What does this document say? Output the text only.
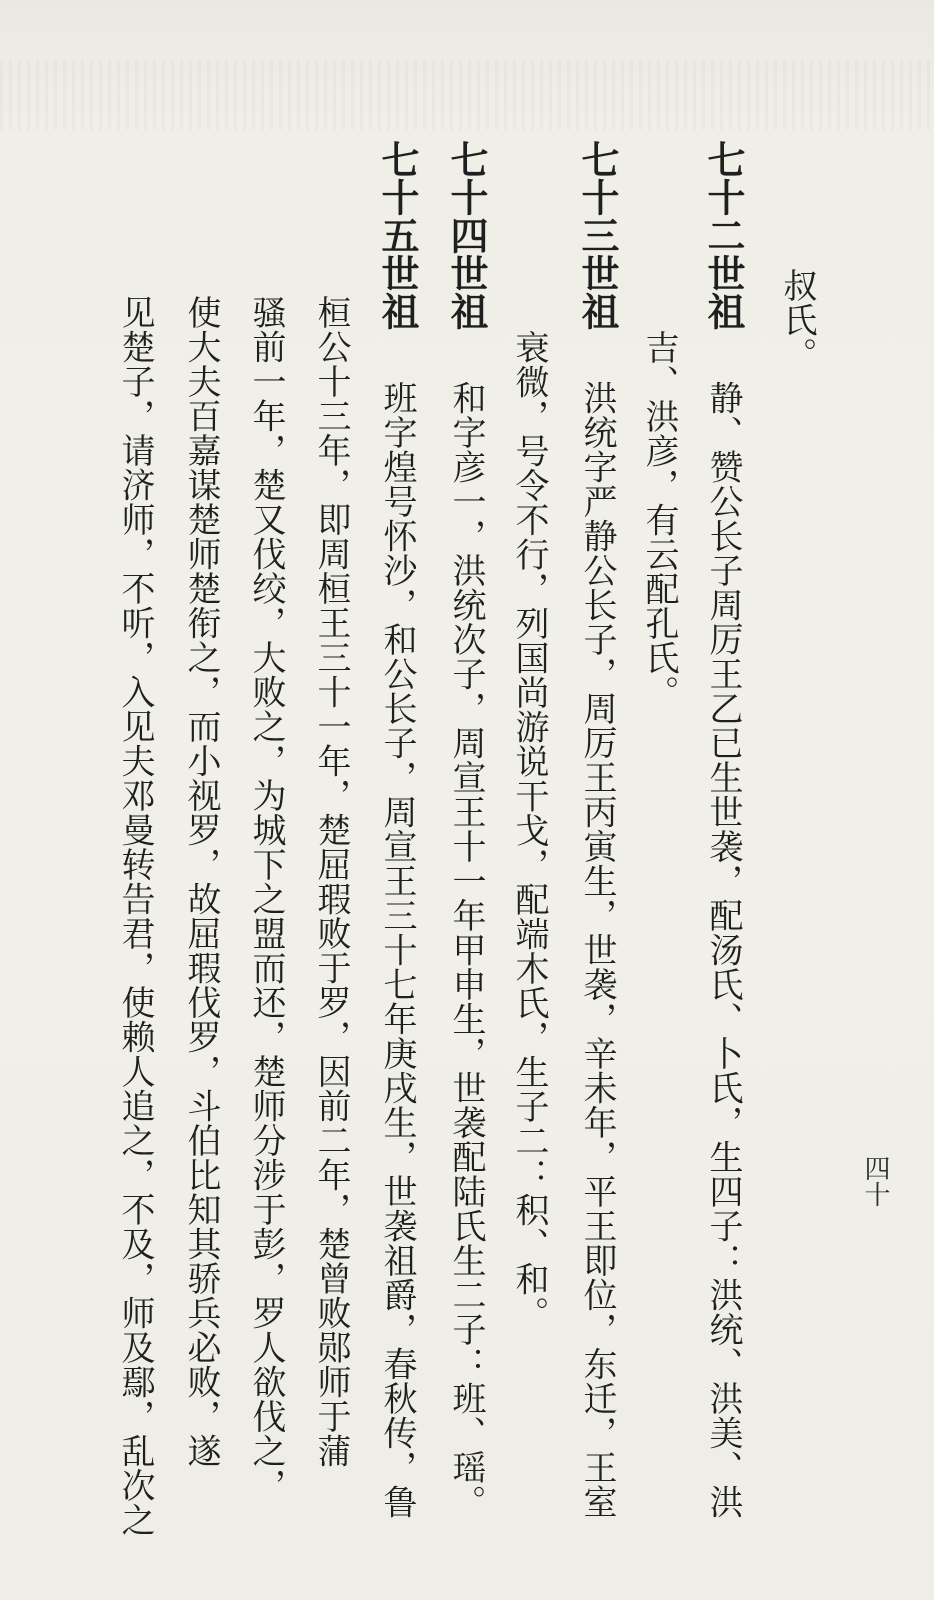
叔氏。
七十二世祖 静、赞公长子周厉王乙已生世袭，配汤氏、卜氏，生四子：洪统、洪美、洪
吉、洪彦，有云配孔氏。
七十三世祖 洪统字严静公长子，周厉王丙寅生，世袭，辛未年，平王即位，东迁，王室
衰微，号令不行，列国尚游说干戈，配端木氏，生子二：积、和。
七十四世祖 和字彦一，洪统次子，周宣王十一年甲申生，世袭配陆氏生二子：班、瑶。
七十五世祖 班字煌号怀沙，和公长子，周宣王三十七年庚戌生，世袭祖爵，春秋传，鲁
桓公十三年，即周桓王三十一年，楚屈瑕败于罗，因前二年，楚曾败郧师于蒲
骚前一年，楚又伐绞，大败之，为城下之盟而还，楚师分涉于彭，罗人欲伐之，
使大夫百嘉谋楚师楚衔之，而小视罗，故屈瑕伐罗，斗伯比知其骄兵必败，遂
见楚子，请济师，不听，入见夫邓曼转告君，使赖人追之，不及，师及鄢，乱次之	四十
